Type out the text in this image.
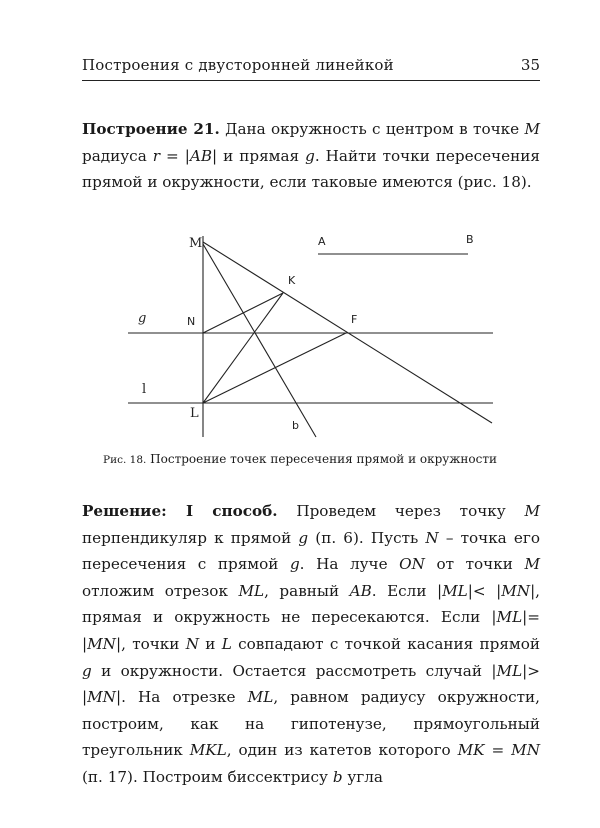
Построения с двусторонней линейкой	35
Построение 21. Дана окружность с центром в точке M радиуса r = |AB| и прямая g. Найти точки пересечения прямой и окружности, если таковые имеются (рис. 18).
M	A	B
K
g	N	F
l
L
b
Рис. 18. Построение точек пересечения прямой и окружности
Решение: I способ. Проведем через точку M перпендикуляр к прямой g (п. 6). Пусть N – точка его пересечения с прямой g. На луче ON от точки M отложим отрезок ML, равный AB. Если |ML|< |MN|, прямая и окружность не пересекаются. Если |ML|= |MN|, точки N и L совпадают с точкой касания прямой g и окружности. Остается рассмотреть случай |ML|> |MN|. На отрезке ML, равном радиусу окружности, построим, как на гипотенузе, прямоугольный треугольник MKL, один из катетов которого MK = MN (п. 17). Построим биссектрису b угла
